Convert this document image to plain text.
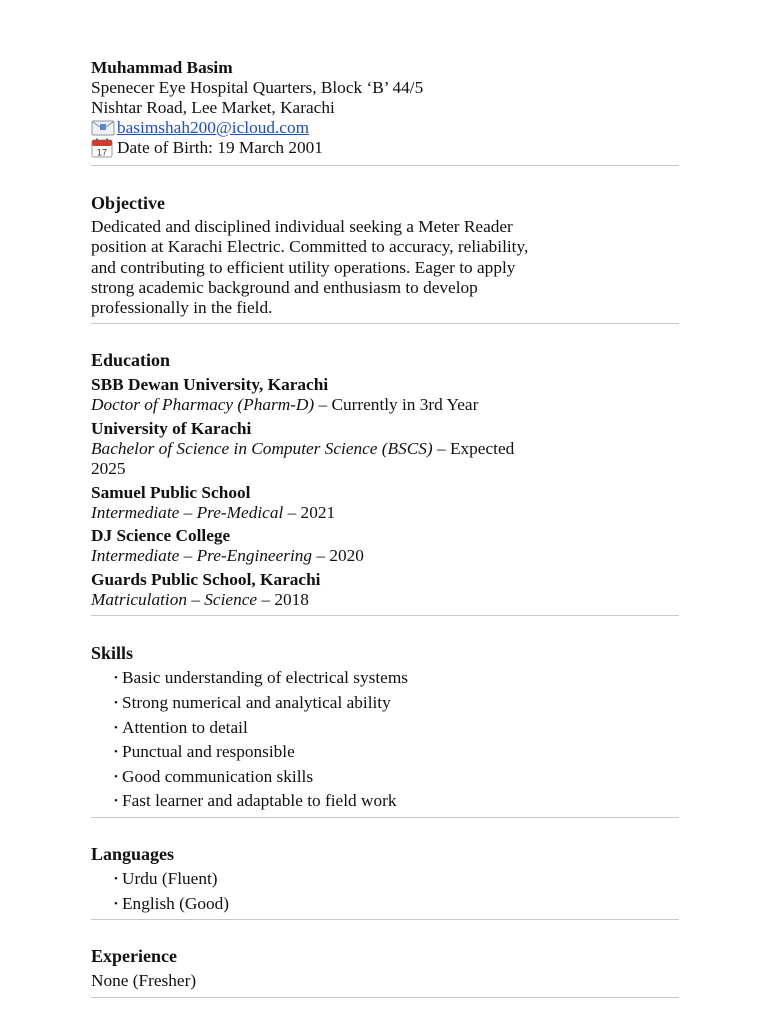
Muhammad Basim
Spenecer Eye Hospital Quarters, Block ‘B’ 44/5
Nishtar Road, Lee Market, Karachi
basimshah200@icloud.com
17 Date of Birth: 19 March 2001
Objective
Dedicated and disciplined individual seeking a Meter Reader
position at Karachi Electric. Committed to accuracy, reliability,
and contributing to efficient utility operations. Eager to apply
strong academic background and enthusiasm to develop
professionally in the field.
Education
SBB Dewan University, Karachi
Doctor of Pharmacy (Pharm-D) – Currently in 3rd Year
University of Karachi
Bachelor of Science in Computer Science (BSCS) – Expected
2025
Samuel Public School
Intermediate – Pre-Medical – 2021
DJ Science College
Intermediate – Pre-Engineering – 2020
Guards Public School, Karachi
Matriculation – Science – 2018
Skills
• Basic understanding of electrical systems
• Strong numerical and analytical ability
• Attention to detail
• Punctual and responsible
• Good communication skills
• Fast learner and adaptable to field work
Languages
• Urdu (Fluent)
• English (Good)
Experience
None (Fresher)
